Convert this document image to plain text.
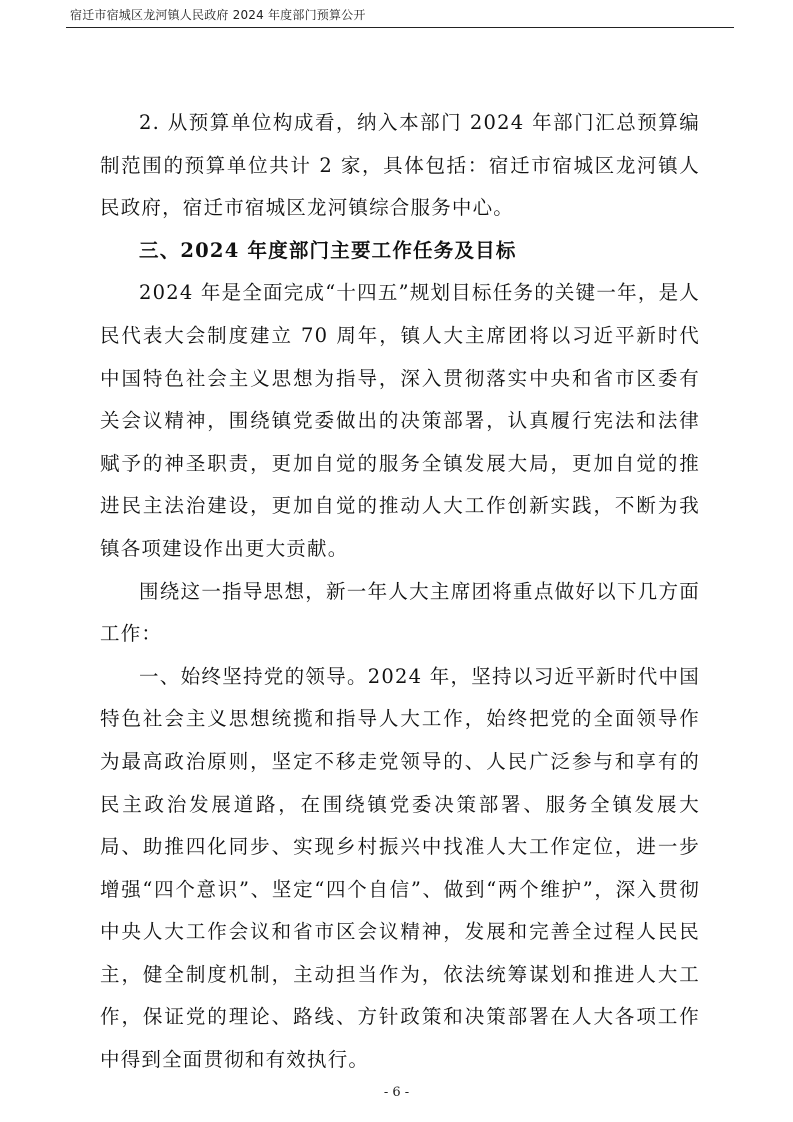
宿迁市宿城区龙河镇人民政府 2024 年度部门预算公开

2. 从预算单位构成看，纳入本部门 2024 年部门汇总预算编制范围的预算单位共计 2 家，具体包括：宿迁市宿城区龙河镇人民政府，宿迁市宿城区龙河镇综合服务中心。

三、2024 年度部门主要工作任务及目标

2024 年是全面完成“十四五”规划目标任务的关键一年，是人民代表大会制度建立 70 周年，镇人大主席团将以习近平新时代中国特色社会主义思想为指导，深入贯彻落实中央和省市区委有关会议精神，围绕镇党委做出的决策部署，认真履行宪法和法律赋予的神圣职责，更加自觉的服务全镇发展大局，更加自觉的推进民主法治建设，更加自觉的推动人大工作创新实践，不断为我镇各项建设作出更大贡献。

围绕这一指导思想，新一年人大主席团将重点做好以下几方面工作：

一、始终坚持党的领导。2024 年，坚持以习近平新时代中国特色社会主义思想统揽和指导人大工作，始终把党的全面领导作为最高政治原则，坚定不移走党领导的、人民广泛参与和享有的民主政治发展道路，在围绕镇党委决策部署、服务全镇发展大局、助推四化同步、实现乡村振兴中找准人大工作定位，进一步增强“四个意识”、坚定“四个自信”、做到“两个维护”，深入贯彻中央人大工作会议和省市区会议精神，发展和完善全过程人民民主，健全制度机制，主动担当作为，依法统筹谋划和推进人大工作，保证党的理论、路线、方针政策和决策部署在人大各项工作中得到全面贯彻和有效执行。

- 6 -
